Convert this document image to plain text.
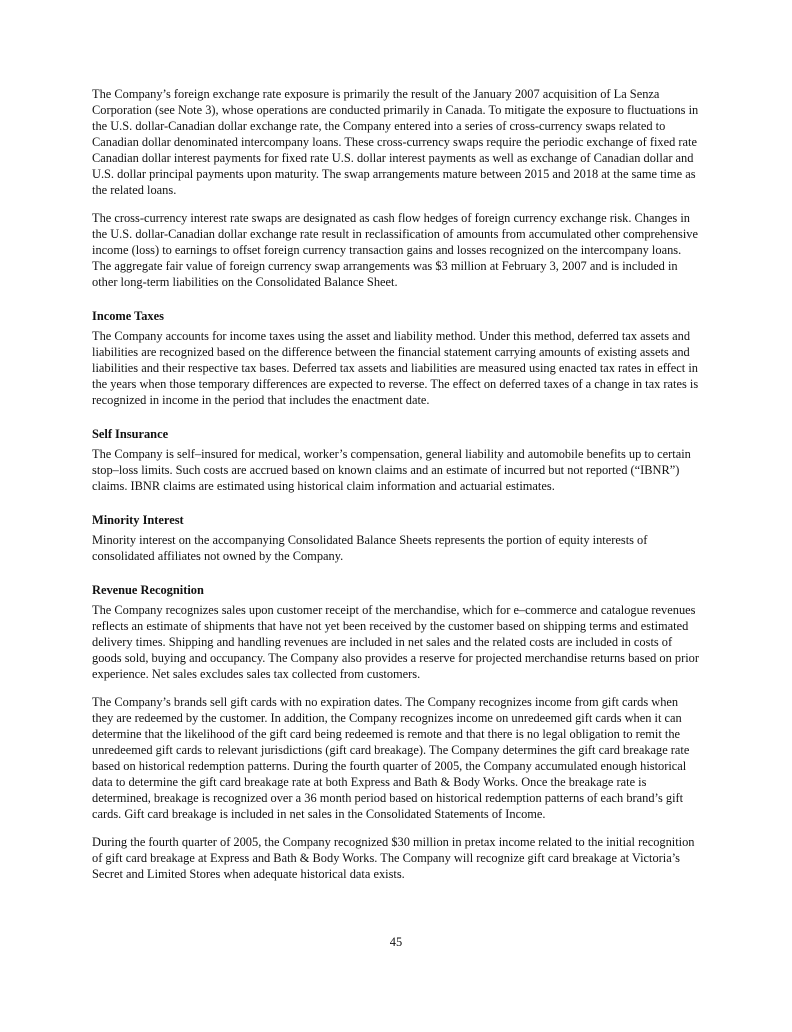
The Company’s foreign exchange rate exposure is primarily the result of the January 2007 acquisition of La Senza Corporation (see Note 3), whose operations are conducted primarily in Canada. To mitigate the exposure to fluctuations in the U.S. dollar-Canadian dollar exchange rate, the Company entered into a series of cross-currency swaps related to Canadian dollar denominated intercompany loans. These cross-currency swaps require the periodic exchange of fixed rate Canadian dollar interest payments for fixed rate U.S. dollar interest payments as well as exchange of Canadian dollar and U.S. dollar principal payments upon maturity. The swap arrangements mature between 2015 and 2018 at the same time as the related loans.

The cross-currency interest rate swaps are designated as cash flow hedges of foreign currency exchange risk. Changes in the U.S. dollar-Canadian dollar exchange rate result in reclassification of amounts from accumulated other comprehensive income (loss) to earnings to offset foreign currency transaction gains and losses recognized on the intercompany loans. The aggregate fair value of foreign currency swap arrangements was $3 million at February 3, 2007 and is included in other long-term liabilities on the Consolidated Balance Sheet.

Income Taxes

The Company accounts for income taxes using the asset and liability method. Under this method, deferred tax assets and liabilities are recognized based on the difference between the financial statement carrying amounts of existing assets and liabilities and their respective tax bases. Deferred tax assets and liabilities are measured using enacted tax rates in effect in the years when those temporary differences are expected to reverse. The effect on deferred taxes of a change in tax rates is recognized in income in the period that includes the enactment date.

Self Insurance

The Company is self–insured for medical, worker’s compensation, general liability and automobile benefits up to certain stop–loss limits. Such costs are accrued based on known claims and an estimate of incurred but not reported (“IBNR”) claims. IBNR claims are estimated using historical claim information and actuarial estimates.

Minority Interest

Minority interest on the accompanying Consolidated Balance Sheets represents the portion of equity interests of consolidated affiliates not owned by the Company.

Revenue Recognition

The Company recognizes sales upon customer receipt of the merchandise, which for e–commerce and catalogue revenues reflects an estimate of shipments that have not yet been received by the customer based on shipping terms and estimated delivery times. Shipping and handling revenues are included in net sales and the related costs are included in costs of goods sold, buying and occupancy. The Company also provides a reserve for projected merchandise returns based on prior experience. Net sales excludes sales tax collected from customers.

The Company’s brands sell gift cards with no expiration dates. The Company recognizes income from gift cards when they are redeemed by the customer. In addition, the Company recognizes income on unredeemed gift cards when it can determine that the likelihood of the gift card being redeemed is remote and that there is no legal obligation to remit the unredeemed gift cards to relevant jurisdictions (gift card breakage). The Company determines the gift card breakage rate based on historical redemption patterns. During the fourth quarter of 2005, the Company accumulated enough historical data to determine the gift card breakage rate at both Express and Bath & Body Works. Once the breakage rate is determined, breakage is recognized over a 36 month period based on historical redemption patterns of each brand’s gift cards. Gift card breakage is included in net sales in the Consolidated Statements of Income.

During the fourth quarter of 2005, the Company recognized $30 million in pretax income related to the initial recognition of gift card breakage at Express and Bath & Body Works. The Company will recognize gift card breakage at Victoria’s Secret and Limited Stores when adequate historical data exists.

45
